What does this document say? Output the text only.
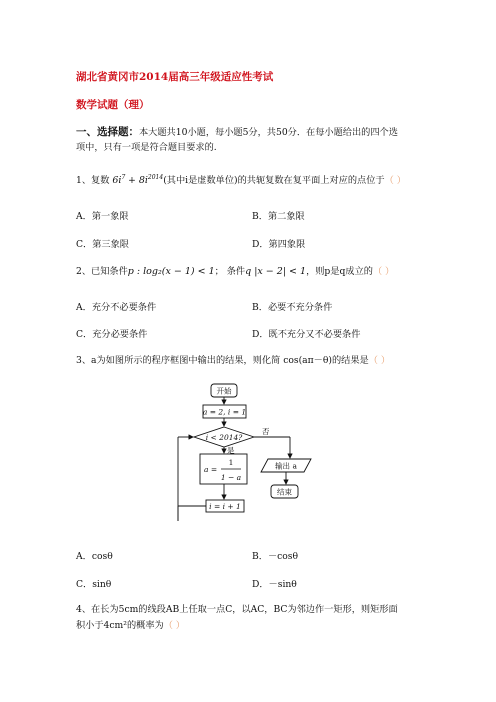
湖北省黄冈市2014届高三年级适应性考试
数学试题（理）
一、选择题：本大题共10小题，每小题5分，共50分．在每小题给出的四个选
项中，只有一项是符合题目要求的.
1、复数 $6i^7 + 8i^{2014}$(其中i是虚数单位)的共轭复数在复平面上对应的点位于（ ）
A．第一象限	B．第二象限
C．第三象限	D．第四象限
2、已知条件p : log₂(x − 1) < 1； 条件q |x − 2| < 1，则p是q成立的（ ）
A．充分不必要条件	B．必要不充分条件
C．充分必要条件	D．既不充分又不必要条件
3、a为如图所示的程序框图中输出的结果，则化简 cos(aπ－θ)的结果是（ ）
开始
a = 2, i = 1
i < 2014?
否
是
a =
1
1 − a
输出 a
结束
i = i + 1
A．cosθ	B．－cosθ
C．sinθ	D．－sinθ
4、在长为5cm的线段AB上任取一点C，以AC，BC为邻边作一矩形，则矩形面
积小于4cm²的概率为（ ）
